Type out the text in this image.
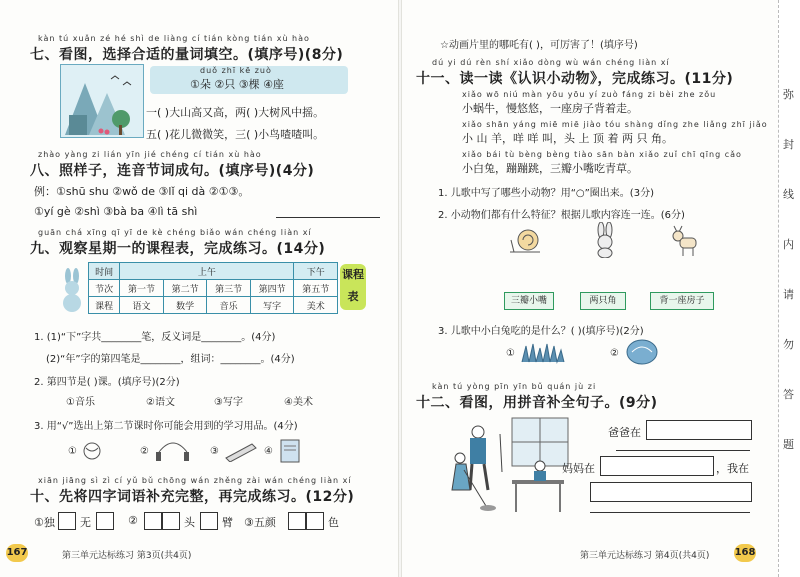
kàn tú xuǎn zé hé shì de liàng cí tián kòng tián xù hào
七、看图，选择合适的量词填空。(填序号)(8分)
duǒ zhī kē zuò
①朵 ②只 ③棵 ④座
一( )大山高又高，两( )大树风中摇。
五( )花儿微微笑，三( )小鸟喳喳叫。
zhào yàng zi lián yīn jié chéng cí tián xù hào
八、照样子，连音节词成句。(填序号)(4分)
例：①shū shu ②wǒ de ③lǐ qi dà ②①③。
①yí gè ②shì ③bà ba ④lì tā shì
guān chá xīng qī yī de kè chéng biǎo wán chéng liàn xí
九、观察星期一的课程表，完成练习。(14分)
时间	上午				下午
节次	第一节	第二节	第三节	第四节	第五节
课程	语文	数学	音乐	写字	美术
课程表
1. (1)“下”字共________笔，反义词是________。(4分)
(2)“年”字的第四笔是________，组词：________。(4分)
2. 第四节是( )课。(填序号)(2分)
①音乐	②语文	③写字	④美术
3. 用“√”选出上第二节课时你可能会用到的学习用品。(4分)
①	②	③	④
xiān jiāng sì zì cí yǔ bǔ chōng wán zhěng zài wán chéng liàn xí
十、先将四字词语补充完整，再完成练习。(12分)
①独 无	②	头 臂 ③五颜	色
167	第三单元达标练习 第3页(共4页)
☆动画片里的哪吒有( )，可厉害了！(填序号)
dú yi dú rèn shí xiǎo dòng wù wán chéng liàn xí
十一、读一读《认识小动物》，完成练习。(11分)
xiǎo wō niú màn yōu yōu yí zuò fáng zi bèi zhe zǒu
小蜗牛，慢悠悠，一座房子背着走。
xiǎo shān yáng miē miē jiào tóu shàng dǐng zhe liǎng zhī jiǎo
小 山 羊，咩 咩 叫，头 上 顶 着 两 只 角。
xiǎo bái tù bèng bèng tiào sān bàn xiǎo zuǐ chī qīng cǎo
小白兔，蹦蹦跳，三瓣小嘴吃青草。
1. 儿歌中写了哪些小动物？用“○”圈出来。(3分)
2. 小动物们都有什么特征？根据儿歌内容连一连。(6分)
三瓣小嘴	两只角	背一座房子
3. 儿歌中小白兔吃的是什么？( )(填序号)(2分)
①	②
kàn tú yòng pīn yīn bǔ quán jù zi
十二、看图，用拼音补全句子。(9分)
爸爸在
妈妈在	，我在
第三单元达标练习 第4页(共4页)	168
弥
封
线
内
请
勿
答
题
